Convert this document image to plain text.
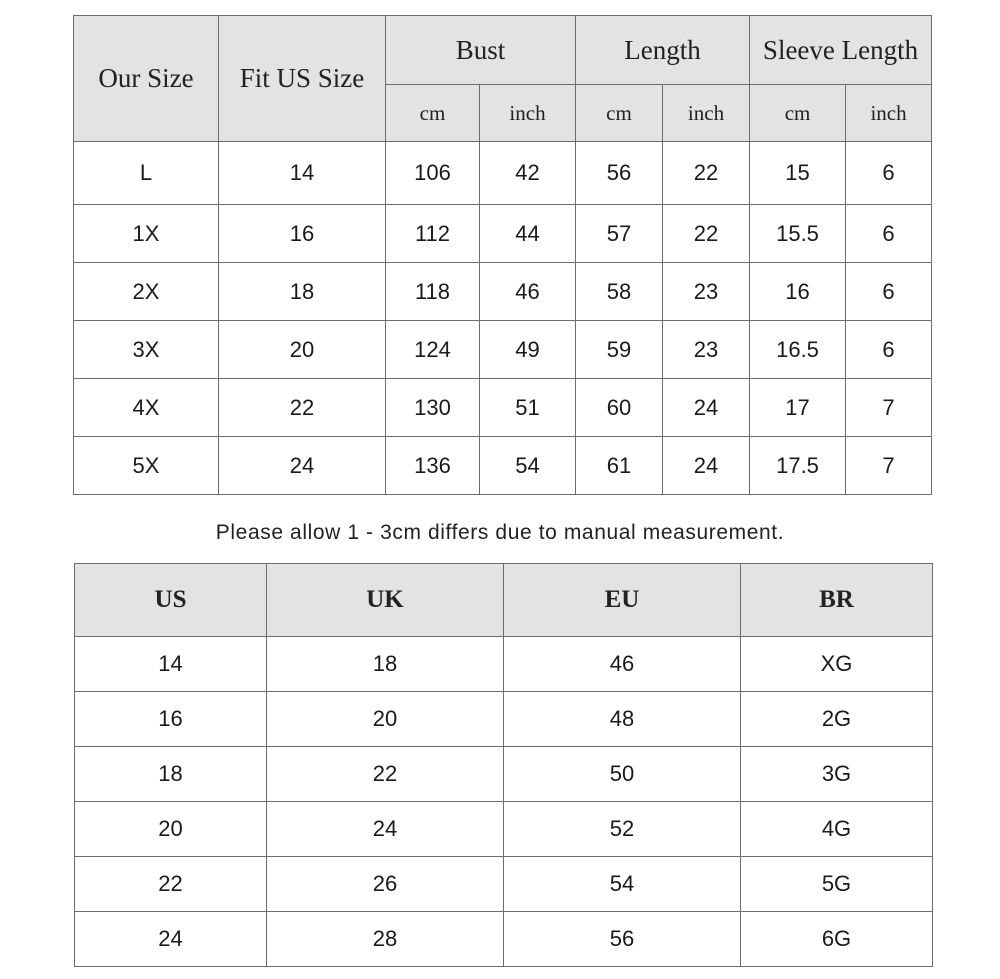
Our Size	Fit US Size	Bust		Length		Sleeve Length	
		cm	inch	cm	inch	cm	inch
L	14	106	42	56	22	15	6
1X	16	112	44	57	22	15.5	6
2X	18	118	46	58	23	16	6
3X	20	124	49	59	23	16.5	6
4X	22	130	51	60	24	17	7
5X	24	136	54	61	24	17.5	7
Please allow 1 - 3cm differs due to manual measurement.
US	UK	EU	BR
14	18	46	XG
16	20	48	2G
18	22	50	3G
20	24	52	4G
22	26	54	5G
24	28	56	6G
